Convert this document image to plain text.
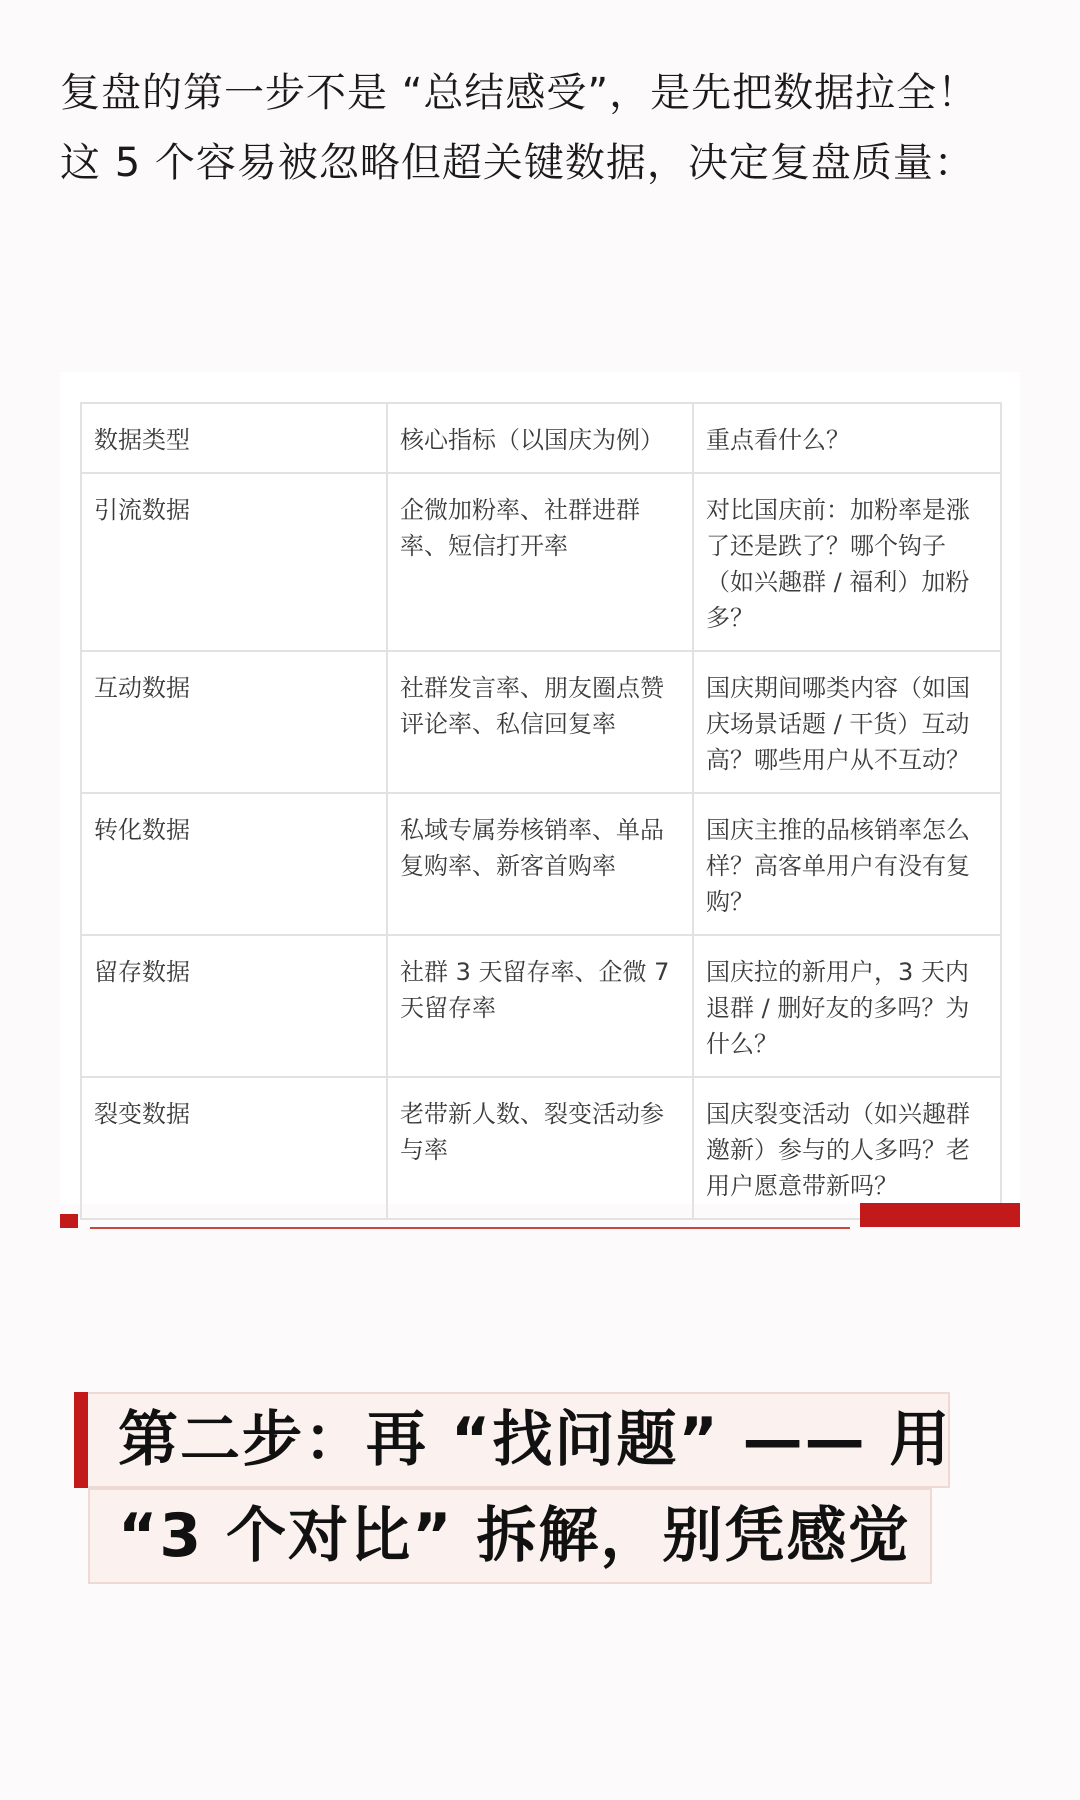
复盘的第一步不是 “总结感受”，是先把数据拉全！
这 5 个容易被忽略但超关键数据，决定复盘质量：
数据类型	核心指标（以国庆为例）	重点看什么？
引流数据	企微加粉率、社群进群率、短信打开率	对比国庆前：加粉率是涨了还是跌了？哪个钩子（如兴趣群 / 福利）加粉多？
互动数据	社群发言率、朋友圈点赞评论率、私信回复率	国庆期间哪类内容（如国庆场景话题 / 干货）互动高？哪些用户从不互动？
转化数据	私域专属券核销率、单品复购率、新客首购率	国庆主推的品核销率怎么样？高客单用户有没有复购？
留存数据	社群 3 天留存率、企微 7 天留存率	国庆拉的新用户，3 天内退群 / 删好友的多吗？为什么？
裂变数据	老带新人数、裂变活动参与率	国庆裂变活动（如兴趣群邀新）参与的人多吗？老用户愿意带新吗？
第二步：再 “找问题” —— 用
“3 个对比” 拆解，别凭感觉
